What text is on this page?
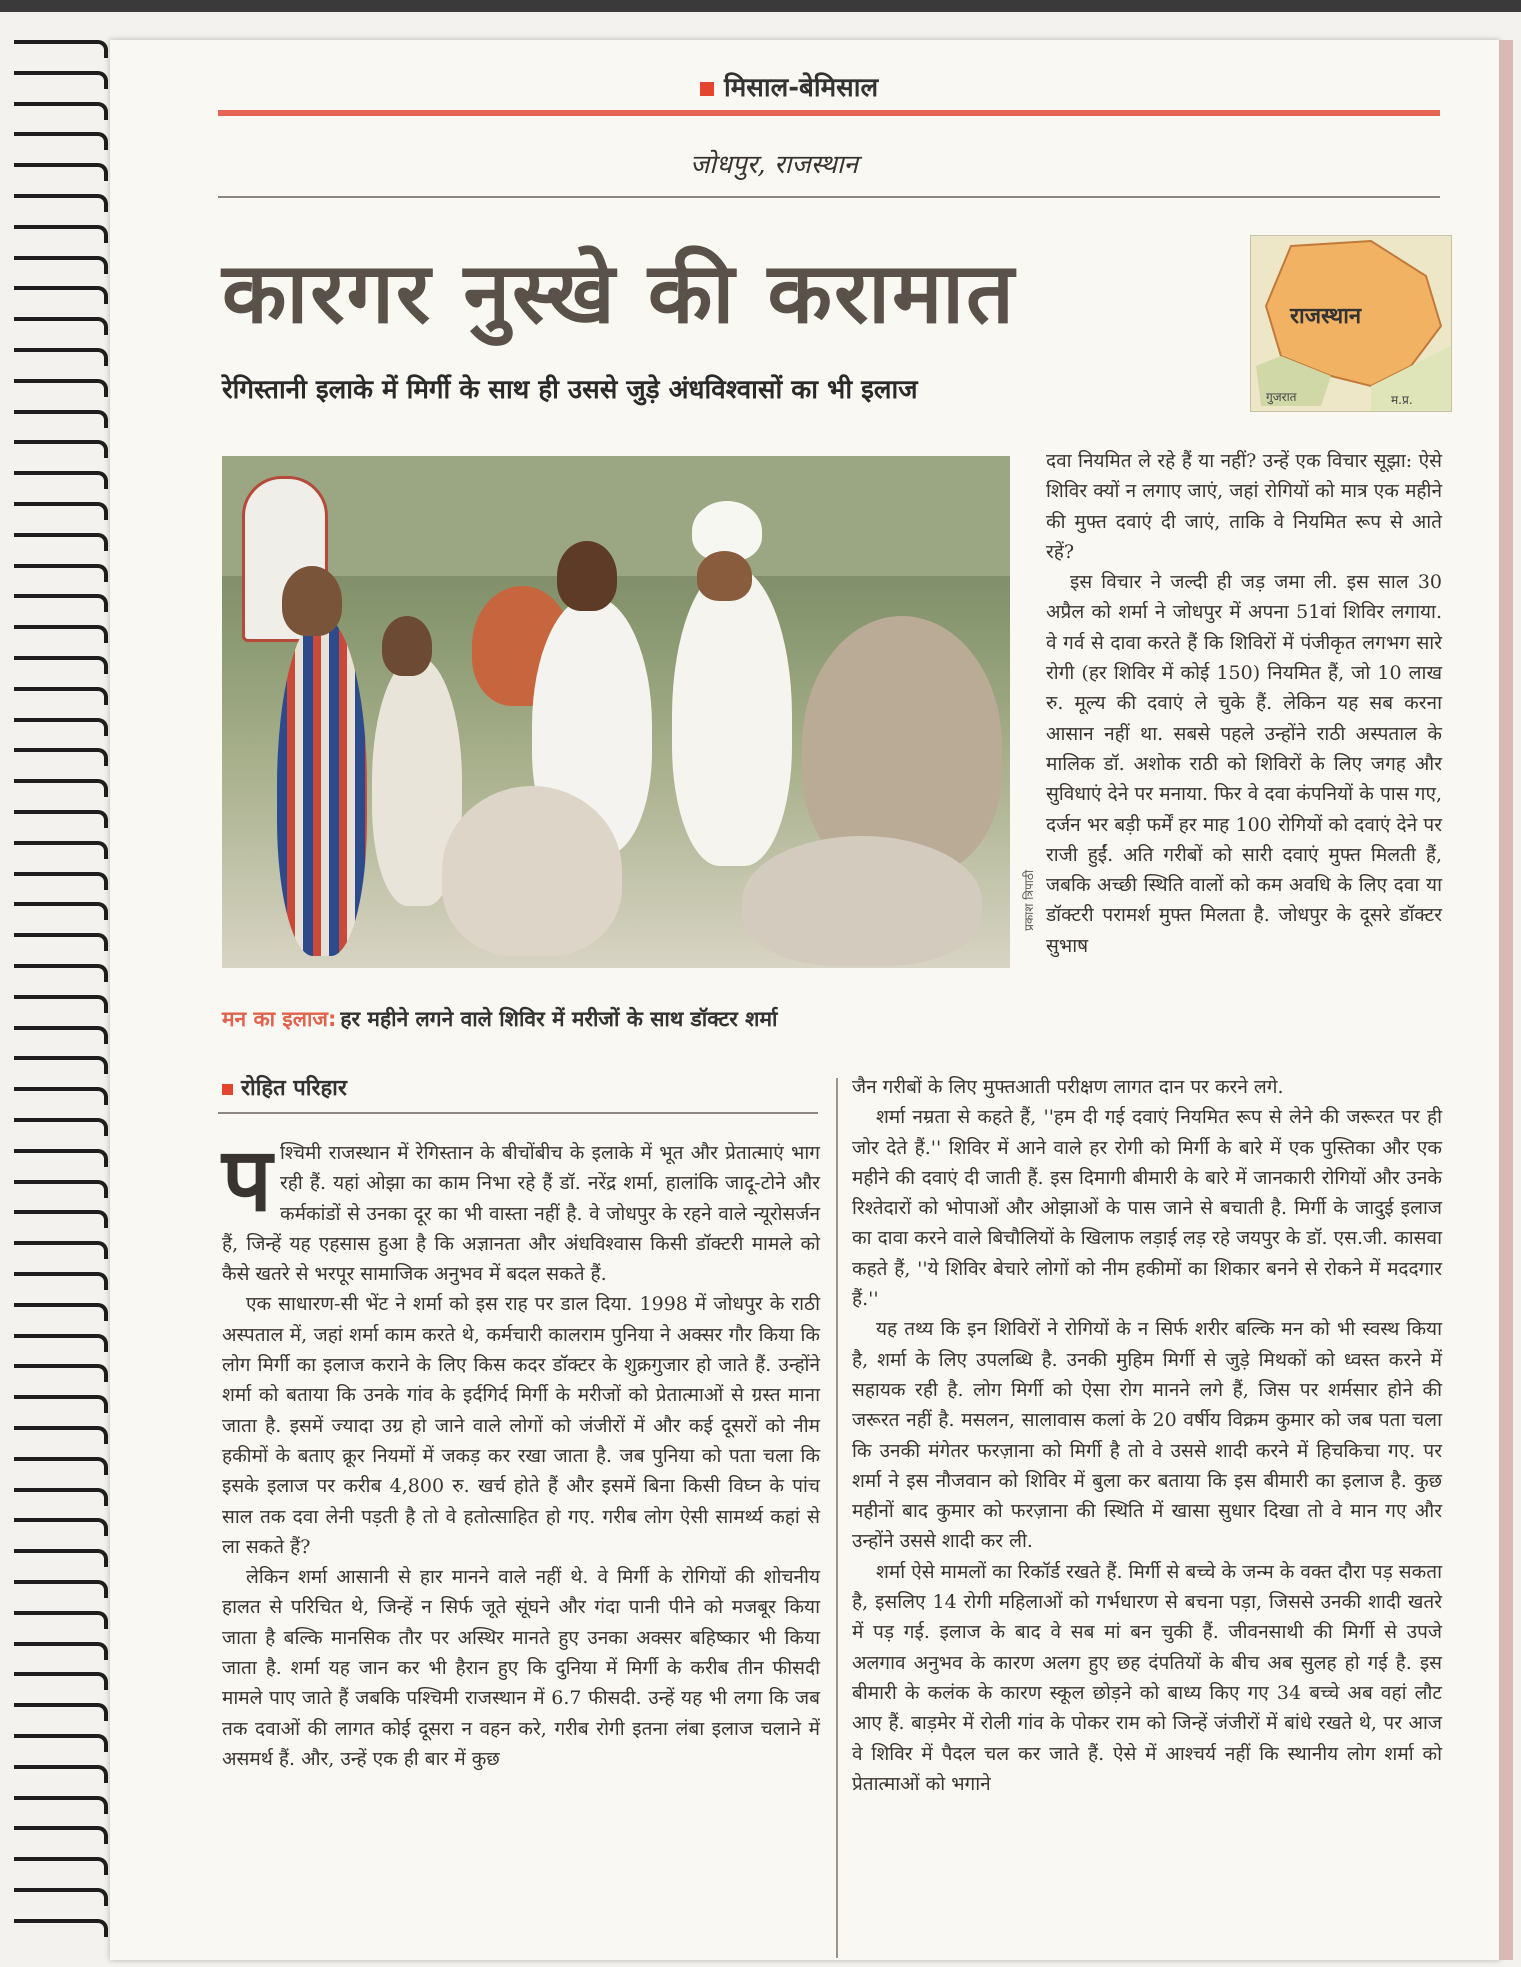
मिसाल-बेमिसाल
जोधपुर, राजस्थान
कारगर नुस्खे की करामात
रेगिस्तानी इलाके में मिर्गी के साथ ही उससे जुड़े अंधविश्वासों का भी इलाज	गुजरात	म.प्र.
राजस्थान
प्रकाश त्रिपाठी
मन का इलाज: हर महीने लगने वाले शिविर में मरीजों के साथ डॉक्टर शर्मा
रोहित परिहार

दवा नियमित ले रहे हैं या नहीं? उन्हें एक विचार सूझा: ऐसे शिविर क्यों न लगाए जाएं, जहां रोगियों को मात्र एक महीने की मुफ्त दवाएं दी जाएं, ताकि वे नियमित रूप से आते रहें?

इस विचार ने जल्दी ही जड़ जमा ली. इस साल 30 अप्रैल को शर्मा ने जोधपुर में अपना 51वां शिविर लगाया. वे गर्व से दावा करते हैं कि शिविरों में पंजीकृत लगभग सारे रोगी (हर शिविर में कोई 150) नियमित हैं, जो 10 लाख रु. मूल्य की दवाएं ले चुके हैं. लेकिन यह सब करना आसान नहीं था. सबसे पहले उन्होंने राठी अस्पताल के मालिक डॉ. अशोक राठी को शिविरों के लिए जगह और सुविधाएं देने पर मनाया. फिर वे दवा कंपनियों के पास गए, दर्जन भर बड़ी फर्में हर माह 100 रोगियों को दवाएं देने पर राजी हुईं. अति गरीबों को सारी दवाएं मुफ्त मिलती हैं, जबकि अच्छी स्थिति वालों को कम अवधि के लिए दवा या डॉक्टरी परामर्श मुफ्त मिलता है. जोधपुर के दूसरे डॉक्टर सुभाष

पश्चिमी राजस्थान में रेगिस्तान के बीचोंबीच के इलाके में भूत और प्रेतात्माएं भाग रही हैं. यहां ओझा का काम निभा रहे हैं डॉ. नरेंद्र शर्मा, हालांकि जादू-टोने और कर्मकांडों से उनका दूर का भी वास्ता नहीं है. वे जोधपुर के रहने वाले न्यूरोसर्जन हैं, जिन्हें यह एहसास हुआ है कि अज्ञानता और अंधविश्वास किसी डॉक्टरी मामले को कैसे खतरे से भरपूर सामाजिक अनुभव में बदल सकते हैं.

एक साधारण-सी भेंट ने शर्मा को इस राह पर डाल दिया. 1998 में जोधपुर के राठी अस्पताल में, जहां शर्मा काम करते थे, कर्मचारी कालराम पुनिया ने अक्सर गौर किया कि लोग मिर्गी का इलाज कराने के लिए किस कदर डॉक्टर के शुक्रगुजार हो जाते हैं. उन्होंने शर्मा को बताया कि उनके गांव के इर्दगिर्द मिर्गी के मरीजों को प्रेतात्माओं से ग्रस्त माना जाता है. इसमें ज्यादा उग्र हो जाने वाले लोगों को जंजीरों में और कई दूसरों को नीम हकीमों के बताए क्रूर नियमों में जकड़ कर रखा जाता है. जब पुनिया को पता चला कि इसके इलाज पर करीब 4,800 रु. खर्च होते हैं और इसमें बिना किसी विघ्न के पांच साल तक दवा लेनी पड़ती है तो वे हतोत्साहित हो गए. गरीब लोग ऐसी सामर्थ्य कहां से ला सकते हैं?

लेकिन शर्मा आसानी से हार मानने वाले नहीं थे. वे मिर्गी के रोगियों की शोचनीय हालत से परिचित थे, जिन्हें न सिर्फ जूते सूंघने और गंदा पानी पीने को मजबूर किया जाता है बल्कि मानसिक तौर पर अस्थिर मानते हुए उनका अक्सर बहिष्कार भी किया जाता है. शर्मा यह जान कर भी हैरान हुए कि दुनिया में मिर्गी के करीब तीन फीसदी मामले पाए जाते हैं जबकि पश्चिमी राजस्थान में 6.7 फीसदी. उन्हें यह भी लगा कि जब तक दवाओं की लागत कोई दूसरा न वहन करे, गरीब रोगी इतना लंबा इलाज चलाने में असमर्थ हैं. और, उन्हें एक ही बार में कुछ

जैन गरीबों के लिए मुफ्तआती परीक्षण लागत दान पर करने लगे.

शर्मा नम्रता से कहते हैं, ''हम दी गई दवाएं नियमित रूप से लेने की जरूरत पर ही जोर देते हैं.'' शिविर में आने वाले हर रोगी को मिर्गी के बारे में एक पुस्तिका और एक महीने की दवाएं दी जाती हैं. इस दिमागी बीमारी के बारे में जानकारी रोगियों और उनके रिश्तेदारों को भोपाओं और ओझाओं के पास जाने से बचाती है. मिर्गी के जादुई इलाज का दावा करने वाले बिचौलियों के खिलाफ लड़ाई लड़ रहे जयपुर के डॉ. एस.जी. कासवा कहते हैं, ''ये शिविर बेचारे लोगों को नीम हकीमों का शिकार बनने से रोकने में मददगार हैं.''

यह तथ्य कि इन शिविरों ने रोगियों के न सिर्फ शरीर बल्कि मन को भी स्वस्थ किया है, शर्मा के लिए उपलब्धि है. उनकी मुहिम मिर्गी से जुड़े मिथकों को ध्वस्त करने में सहायक रही है. लोग मिर्गी को ऐसा रोग मानने लगे हैं, जिस पर शर्मसार होने की जरूरत नहीं है. मसलन, सालावास कलां के 20 वर्षीय विक्रम कुमार को जब पता चला कि उनकी मंगेतर फरज़ाना को मिर्गी है तो वे उससे शादी करने में हिचकिचा गए. पर शर्मा ने इस नौजवान को शिविर में बुला कर बताया कि इस बीमारी का इलाज है. कुछ महीनों बाद कुमार को फरज़ाना की स्थिति में खासा सुधार दिखा तो वे मान गए और उन्होंने उससे शादी कर ली.

शर्मा ऐसे मामलों का रिकॉर्ड रखते हैं. मिर्गी से बच्चे के जन्म के वक्त दौरा पड़ सकता है, इसलिए 14 रोगी महिलाओं को गर्भधारण से बचना पड़ा, जिससे उनकी शादी खतरे में पड़ गई. इलाज के बाद वे सब मां बन चुकी हैं. जीवनसाथी की मिर्गी से उपजे अलगाव अनुभव के कारण अलग हुए छह दंपतियों के बीच अब सुलह हो गई है. इस बीमारी के कलंक के कारण स्कूल छोड़ने को बाध्य किए गए 34 बच्चे अब वहां लौट आए हैं. बाड़मेर में रोली गांव के पोकर राम को जिन्हें जंजीरों में बांधे रखते थे, पर आज वे शिविर में पैदल चल कर जाते हैं. ऐसे में आश्चर्य नहीं कि स्थानीय लोग शर्मा को प्रेतात्माओं को भगाने
